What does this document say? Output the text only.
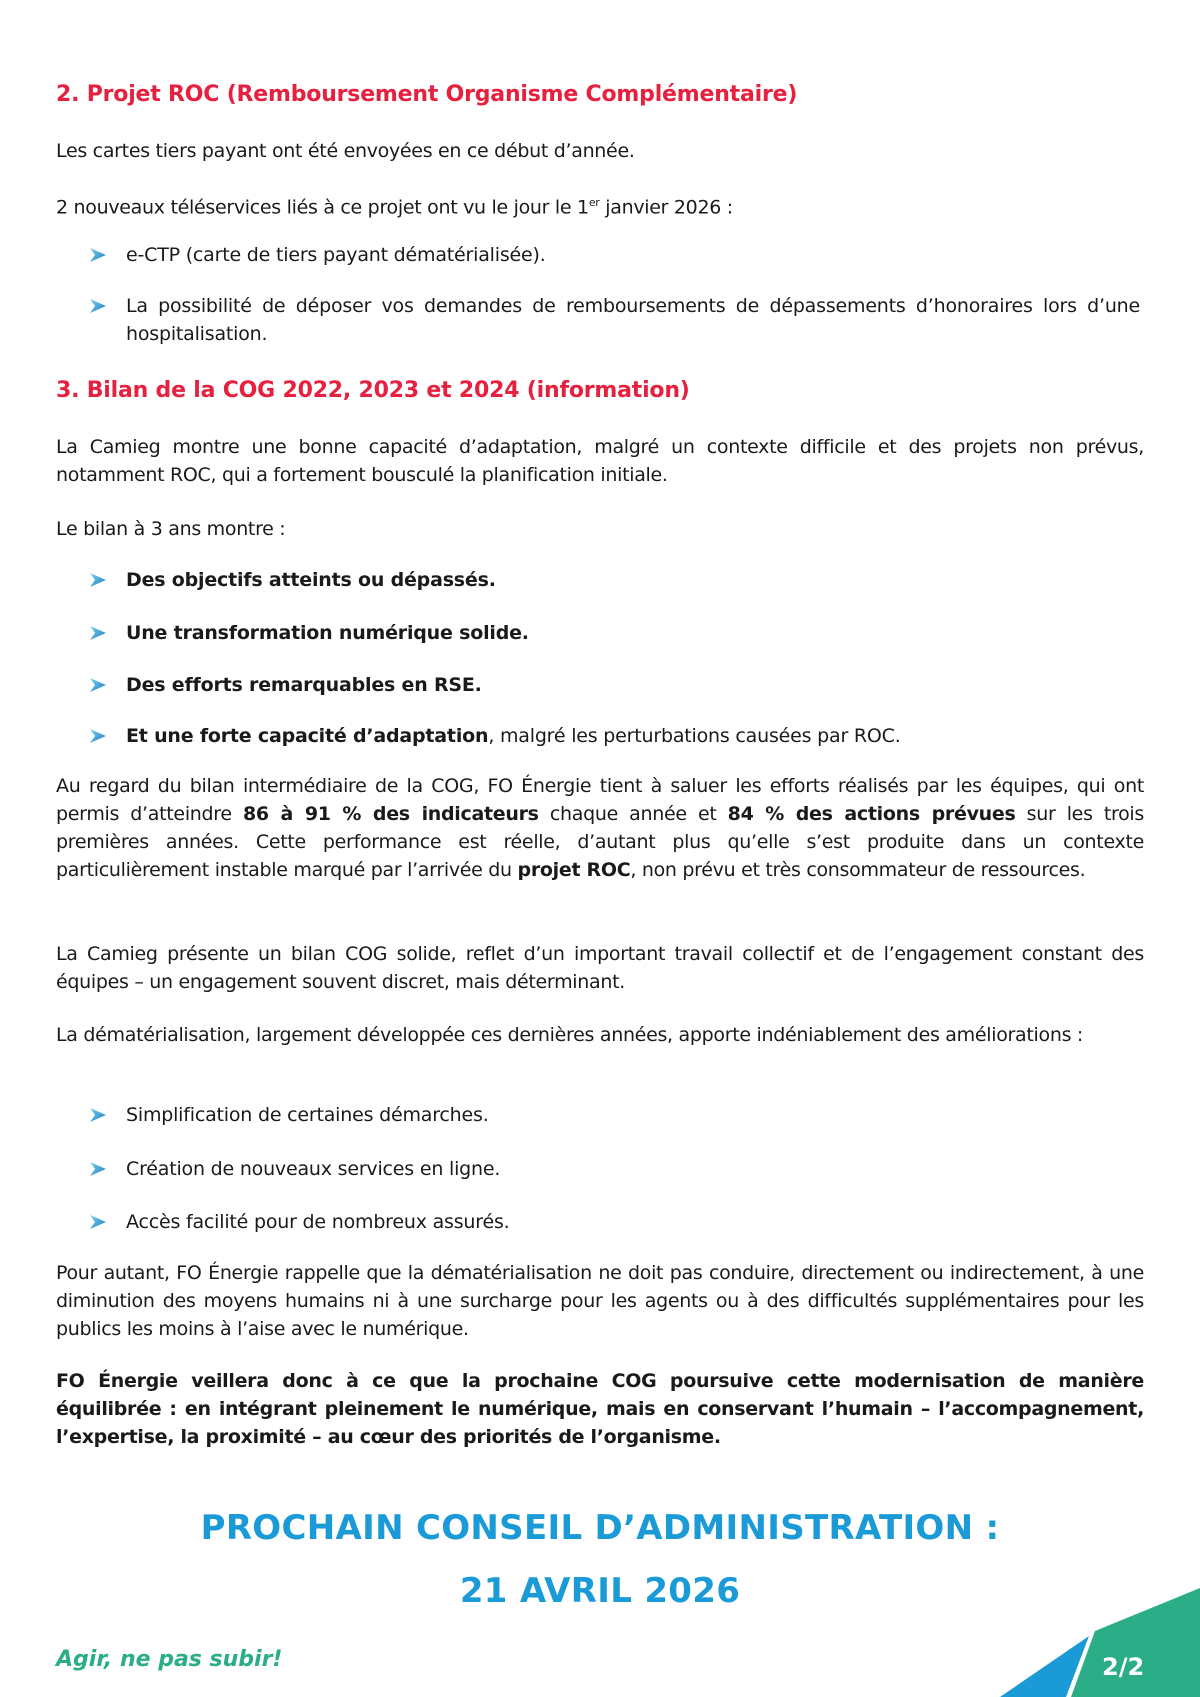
2. Projet ROC (Remboursement Organisme Complémentaire)

Les cartes tiers payant ont été envoyées en ce début d’année.

2 nouveaux téléservices liés à ce projet ont vu le jour le 1er janvier 2026 :

e-CTP (carte de tiers payant dématérialisée).
La possibilité de déposer vos demandes de remboursements de dépassements d’honoraires lors d’une hospitalisation.
3. Bilan de la COG 2022, 2023 et 2024 (information)

La Camieg montre une bonne capacité d’adaptation, malgré un contexte difficile et des projets non prévus, notamment ROC, qui a fortement bousculé la planification initiale.

Le bilan à 3 ans montre :

Des objectifs atteints ou dépassés.
Une transformation numérique solide.
Des efforts remarquables en RSE.
Et une forte capacité d’adaptation, malgré les perturbations causées par ROC.

Au regard du bilan intermédiaire de la COG, FO Énergie tient à saluer les efforts réalisés par les équipes, qui ont permis d’atteindre 86 à 91 % des indicateurs chaque année et 84 % des actions prévues sur les trois premières années. Cette performance est réelle, d’autant plus qu’elle s’est produite dans un contexte particulièrement instable marqué par l’arrivée du projet ROC, non prévu et très consommateur de ressources.

La Camieg présente un bilan COG solide, reflet d’un important travail collectif et de l’engagement constant des équipes – un engagement souvent discret, mais déterminant.

La dématérialisation, largement développée ces dernières années, apporte indéniablement des améliorations :

Simplification de certaines démarches.
Création de nouveaux services en ligne.
Accès facilité pour de nombreux assurés.

Pour autant, FO Énergie rappelle que la dématérialisation ne doit pas conduire, directement ou indirectement, à une diminution des moyens humains ni à une surcharge pour les agents ou à des difficultés supplémentaires pour les publics les moins à l’aise avec le numérique.

FO Énergie veillera donc à ce que la prochaine COG poursuive cette modernisation de manière équilibrée : en intégrant pleinement le numérique, mais en conservant l’humain – l’accompagnement, l’expertise, la proximité – au cœur des priorités de l’organisme.

PROCHAIN CONSEIL D’ADMINISTRATION :
21 AVRIL 2026
Agir, ne pas subir!	2/2
